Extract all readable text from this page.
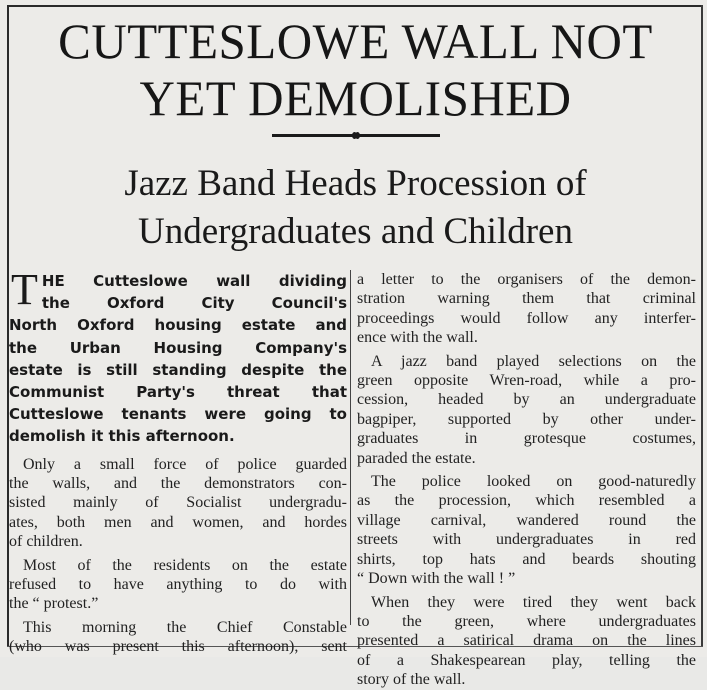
CUTTESLOWE WALL NOT
YET DEMOLISHED
Jazz Band Heads Procession of
Undergraduates and Children
T HE Cutteslowe wall dividing
the Oxford City Council's
North Oxford housing estate and
the Urban Housing Company's
estate is still standing despite the
Communist Party's threat that
Cutteslowe tenants were going to
demolish it this afternoon.
Only a small force of police guarded
the walls, and the demonstrators con-
sisted mainly of Socialist undergradu-
ates, both men and women, and hordes
of children.
Most of the residents on the estate
refused to have anything to do with
the “ protest.”
This morning the Chief Constable
(who was present this afternoon), sent
a letter to the organisers of the demon-
stration warning them that criminal
proceedings would follow any interfer-
ence with the wall.
A jazz band played selections on the
green opposite Wren-road, while a pro-
cession, headed by an undergraduate
bagpiper, supported by other under-
graduates in grotesque costumes,
paraded the estate.
The police looked on good-naturedly
as the procession, which resembled a
village carnival, wandered round the
streets with undergraduates in red
shirts, top hats and beards shouting
“ Down with the wall ! ”
When they were tired they went back
to the green, where undergraduates
presented a satirical drama on the lines
of a Shakespearean play, telling the
story of the wall.
